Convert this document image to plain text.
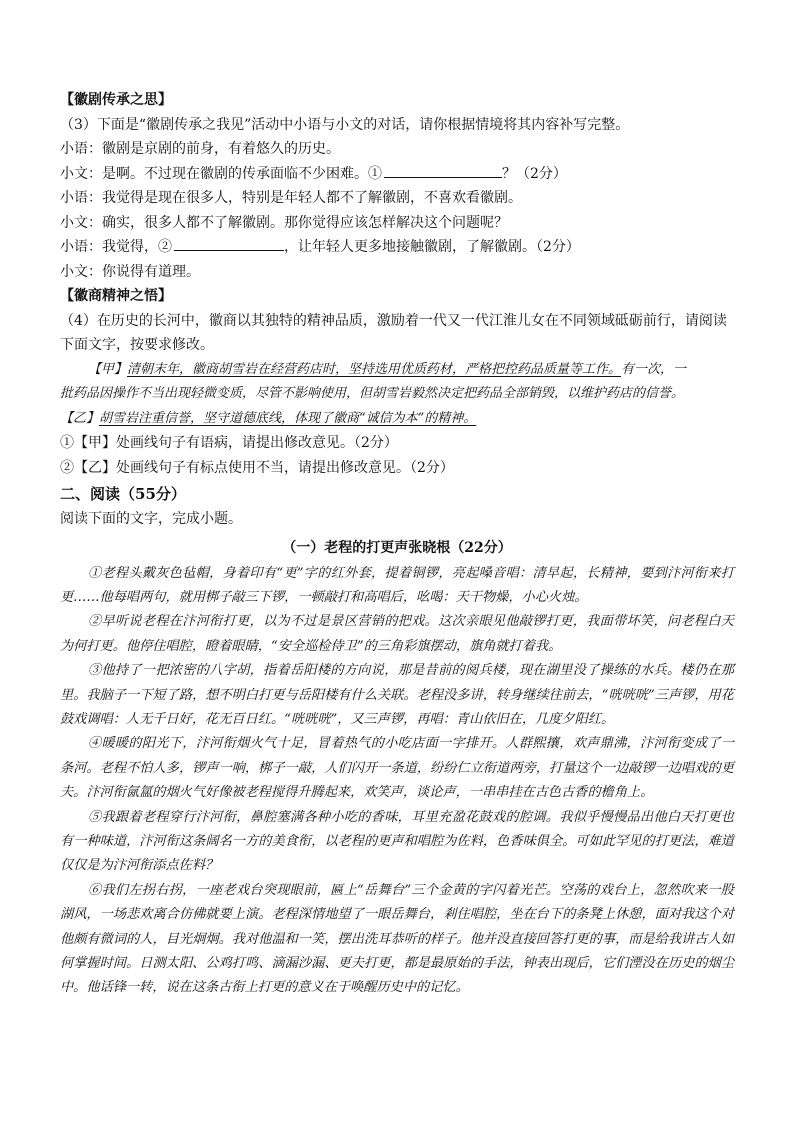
【徽剧传承之思】
（3）下面是“徽剧传承之我见”活动中小语与小文的对话，请你根据情境将其内容补写完整。
小语：徽剧是京剧的前身，有着悠久的历史。
小文：是啊。不过现在徽剧的传承面临不少困难。①	？（2分）
小语：我觉得是现在很多人，特别是年轻人都不了解徽剧，不喜欢看徽剧。
小文：确实，很多人都不了解徽剧。那你觉得应该怎样解决这个问题呢？
小语：我觉得，②	，让年轻人更多地接触徽剧，了解徽剧。（2分）
小文：你说得有道理。
【徽商精神之悟】
（4）在历史的长河中，徽商以其独特的精神品质，激励着一代又一代江淮儿女在不同领域砥砺前行，请阅读
下面文字，按要求修改。
【甲】清朝末年，徽商胡雪岩在经营药店时，坚持选用优质药材，严格把控药品质量等工作。有一次，一
批药品因操作不当出现轻微变质，尽管不影响使用，但胡雪岩毅然决定把药品全部销毁，以维护药店的信誉。
【乙】胡雪岩注重信誉，坚守道德底线，体现了徽商“诚信为本”的精神。
①【甲】处画线句子有语病，请提出修改意见。（2分）
②【乙】处画线句子有标点使用不当，请提出修改意见。（2分）
二、阅读（55分）
阅读下面的文字，完成小题。
（一）老程的打更声张晓根（22分）

①老程头戴灰色毡帽，身着印有“更”字的红外套，提着铜锣，亮起嗓音唱：清早起，长精神，要到汴河衔来打更……他每唱两句，就用梆子敲三下锣，一顿敲打和高唱后，吆喝：天干物燥，小心火烛。

②早听说老程在汴河衔打更，以为不过是景区营销的把戏。这次亲眼见他敲锣打更，我面带坏笑，问老程白天为何打更。他停住唱腔，瞪着眼睛，“安全巡检侍卫”的三角彩旗摆动，旗角就打着我。

③他持了一把浓密的八字胡，指着岳阳楼的方向说，那是昔前的阅兵楼，现在湖里没了操练的水兵。楼仍在那里。我脑子一下短了路，想不明白打更与岳阳楼有什么关联。老程没多讲，转身继续往前去，“咣咣咣”三声锣，用花鼓戏调唱：人无千日好，花无百日红。“咣咣咣”，又三声锣，再唱：青山依旧在，几度夕阳红。

④暖暖的阳光下，汴河衔烟火气十足，冒着热气的小吃店面一字排开。人群熙攘，欢声鼎沸，汴河衔变成了一条河。老程不怕人多，锣声一响，梆子一敲，人们闪开一条道，纷纷仁立衔道两旁，打量这个一边敲锣一边唱戏的更夫。汴河衔氤氲的烟火气好像被老程搅得升腾起来，欢笑声，谈论声，一串串挂在古色古香的檐角上。

⑤我跟着老程穿行汴河衔，鼻腔塞满各种小吃的香味，耳里充盈花鼓戏的腔调。我似乎慢慢品出他白天打更也有一种味道，汴河衔这条阔名一方的美食衔，以老程的更声和唱腔为佐料，色香味俱全。可如此罕见的打更法，难道仅仅是为汴河衔添点佐料？

⑥我们左拐右拐，一座老戏台突现眼前，匾上“岳舞台”三个金黄的字闪着光芒。空荡的戏台上，忽然吹来一股湖风，一场悲欢离合仿佛就要上演。老程深情地望了一眼岳舞台，剎住唱腔，坐在台下的条凳上休憩，面对我这个对他颇有微词的人，目光炯炯。我对他温和一笑，摆出洗耳恭听的样子。他并没直接回答打更的事，而是给我讲古人如何掌握时间。日测太阳、公鸡打鸣、滴漏沙漏、更夫打更，都是最原始的手法，钟表出现后，它们湮没在历史的烟尘中。他话锋一转，说在这条古衔上打更的意义在于唤醒历史中的记忆。
